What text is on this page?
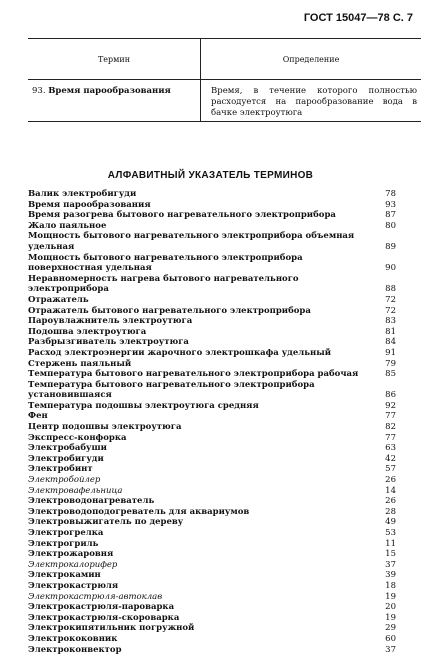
ГОСТ 15047—78 С. 7
Термин	Определение
93. Время парообразования	Время, в течение которого полностью расходуется на парообразование вода в бачке электроутюга
АЛФАВИТНЫЙ УКАЗАТЕЛЬ ТЕРМИНОВ
Валик электробигуди	78
Время парообразования	93
Время разогрева бытового нагревательного электроприбора	87
Жало паяльное	80
Мощность бытового нагревательного электроприбора объемная удельная	89
Мощность бытового нагревательного электроприбора поверхностная удельная	90
Неравномерность нагрева бытового нагревательного электроприбора	88
Отражатель	72
Отражатель бытового нагревательного электроприбора	72
Пароувлажнитель электроутюга	83
Подошва электроутюга	81
Разбрызгиватель электроутюга	84
Расход электроэнергии жарочного электрошкафа удельный	91
Стержень паяльный	79
Температура бытового нагревательного электроприбора рабочая	85
Температура бытового нагревательного электроприбора установившаяся	86
Температура подошвы электроутюга средняя	92
Фен	77
Центр подошвы электроутюга	82
Экспресс-конфорка	77
Электробабуши	63
Электробигуди	42
Электробинт	57
Электробойлер	26
Электровафельница	14
Электроводонагреватель	26
Электроводоподогреватель для аквариумов	28
Электровыжигатель по дереву	49
Электрогрелка	53
Электрогриль	11
Электрожаровня	15
Электрокалорифер	37
Электрокамин	39
Электрокастрюля	18
Электрокастрюля-автоклав	19
Электрокастрюля-пароварка	20
Электрокастрюля-скороварка	19
Электрокипятильник погружной	29
Электрококовник	60
Электроконвектор	37
